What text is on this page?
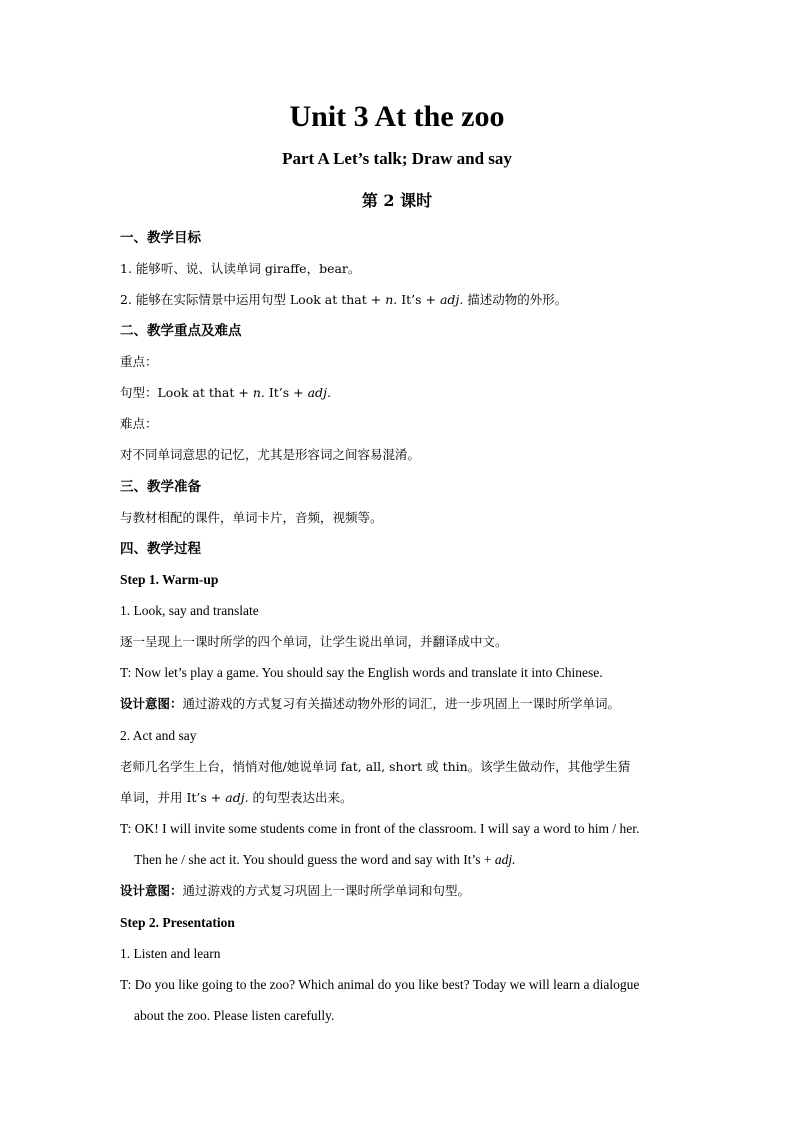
Unit 3 At the zoo
Part A Let’s talk; Draw and say
第 2 课时
一、教学目标
1. 能够听、说、认读单词 giraffe，bear。
2. 能够在实际情景中运用句型 Look at that + n. It’s + adj. 描述动物的外形。
二、教学重点及难点
重点：
句型：Look at that + n. It’s + adj.
难点：
对不同单词意思的记忆，尤其是形容词之间容易混淆。
三、教学准备
与教材相配的课件，单词卡片，音频，视频等。
四、教学过程
Step 1. Warm-up
1. Look, say and translate
逐一呈现上一课时所学的四个单词，让学生说出单词，并翻译成中文。
T: Now let’s play a game. You should say the English words and translate it into Chinese.
设计意图：通过游戏的方式复习有关描述动物外形的词汇，进一步巩固上一课时所学单词。
2. Act and say
老师几名学生上台，悄悄对他/她说单词 fat, all, short 或 thin。该学生做动作，其他学生猜
单词，并用 It’s + adj. 的句型表达出来。
T: OK! I will invite some students come in front of the classroom. I will say a word to him / her.
Then he / she act it. You should guess the word and say with It’s + adj.
设计意图：通过游戏的方式复习巩固上一课时所学单词和句型。
Step 2. Presentation
1. Listen and learn
T: Do you like going to the zoo? Which animal do you like best? Today we will learn a dialogue
about the zoo. Please listen carefully.
